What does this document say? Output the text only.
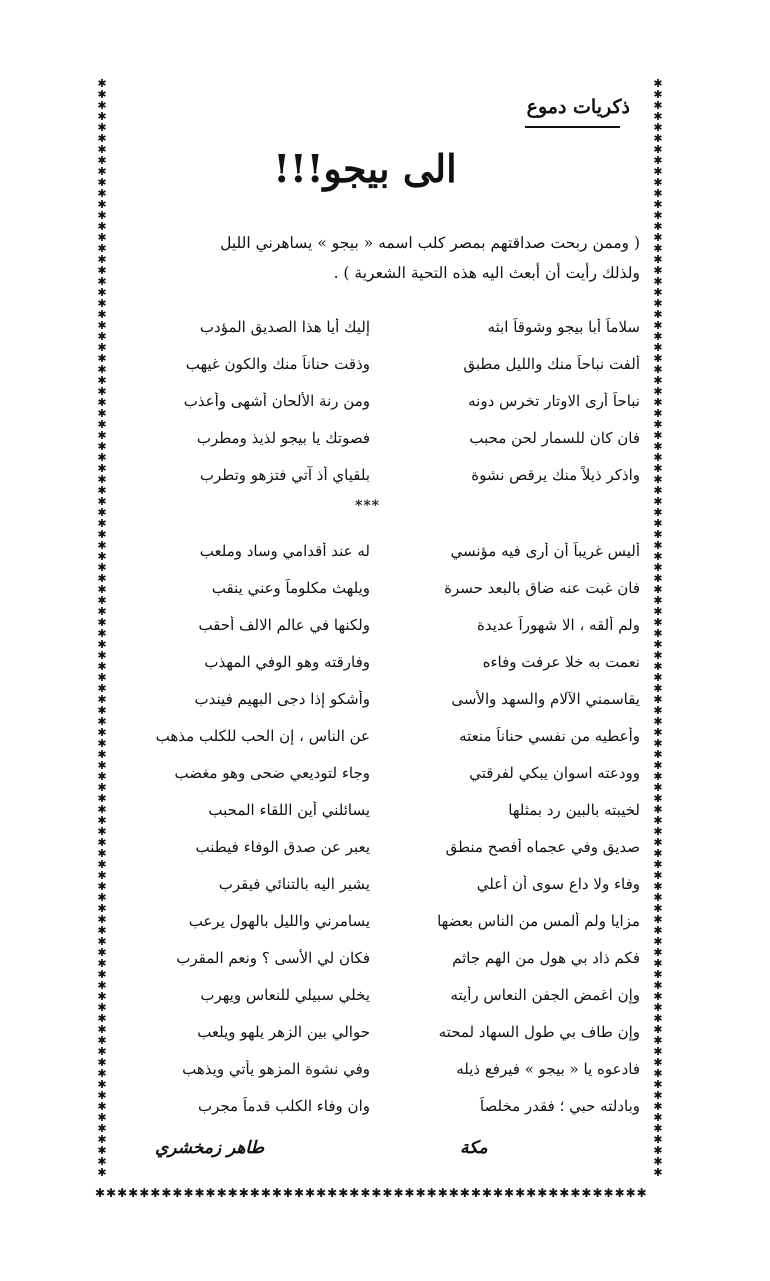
✱
✱
✱
✱
✱
✱
✱
✱
✱
✱
✱
✱
✱
✱
✱
✱
✱
✱
✱
✱
✱
✱
✱
✱
✱
✱
✱
✱
✱
✱
✱
✱
✱
✱
✱
✱
✱
✱
✱
✱
✱
✱
✱
✱
✱
✱
✱
✱
✱
✱
✱
✱
✱
✱
✱
✱
✱
✱
✱
✱
✱
✱
✱
✱
✱
✱
✱
✱
✱
✱
✱
✱
✱
✱
✱
✱
✱
✱
✱
✱
✱
✱
✱
✱
✱
✱
✱
✱
✱
✱
✱
✱
✱
✱
✱
✱
✱
✱
✱
✱
✱
✱
✱
✱
✱
✱
✱
✱
✱
✱
✱
✱
✱
✱
✱
✱
✱
✱
✱
✱
✱
✱
✱
✱
✱
✱
✱
✱
✱
✱
✱
✱
✱
✱
✱
✱
✱
✱
✱
✱
✱
✱
✱
✱
✱
✱
✱
✱
✱
✱
✱
✱
✱
✱
✱
✱
✱
✱
✱
✱
✱
✱
✱
✱
✱
✱
✱
✱
✱
✱
✱
✱
✱
✱
✱
✱
✱
✱
✱
✱
✱
✱
✱
✱
✱
✱
✱
✱
✱
✱
✱
✱
✱
✱
✱
✱
✱
✱
✱
✱
✱✱✱✱✱✱✱✱✱✱✱✱✱✱✱✱✱✱✱✱✱✱✱✱✱✱✱✱✱✱✱✱✱✱✱✱✱✱✱✱✱✱✱✱✱✱✱✱✱✱
ذكريات دموع
الى بيجو!!!
( وممن ربحت صداقتهم بمصر كلب اسمه « بيجو » يساهرني الليل
ولذلك رأيت أن أبعث اليه هذه التحية الشعرية ) .
سلاماً أبا بيجو وشوقاً ابثه
إليك أيا هذا الصديق المؤدب
ألفت نباحاً منك والليل مطبق
وذقت حناناً منك والكون غيهب
نباحاً أرى الاوتار تخرس دونه
ومن رنة الألحان أشهى وأعذب
فان كان للسمار لحن محبب
فصوتك يا بيجو لذيذ ومطرب
واذكر ذيلاً منك يرقص نشوة
بلقياي أذ آتي فتزهو وتطرب
***
أليس غريباً أن أرى فيه مؤنسي
له عند أقدامي وساد وملعب
فان غبت عنه ضاق بالبعد حسرة
ويلهث مكلوماً وعني ينقب
ولم ألقه ، الا شهوراً عديدة
ولكنها في عالم الالف أحقب
نعمت به خلا عرفت وفاءه
وفارقته وهو الوفي المهذب
يقاسمني الآلام والسهد والأسى
وأشكو إذا دجى البهيم فيندب
وأعطيه من نفسي حناناً منعته
عن الناس ، إن الحب للكلب مذهب
وودعته اسوان يبكي لفرقتي
وجاء لتوديعي ضحى وهو مغضب
لخيبته بالبين رد بمثلها
يسائلني أين اللقاء المحبب
صديق وفي عجماه أفصح منطق
يعبر عن صدق الوفاء فيطنب
وفاء ولا داع سوى أن أعلي
يشير اليه بالتنائي فيقرب
مزايا ولم ألمس من الناس بعضها
يسامرني والليل بالهول يرعب
فكم ذاد بي هول من الهم جاثم
فكان لي الأسى ؟ ونعم المقرب
وإن اغمض الجفن النعاس رأيته
يخلي سبيلي للنعاس ويهرب
وإن طاف بي طول السهاد لمحته
حوالي بين الزهر يلهو ويلعب
فادعوه يا « بيجو » فيرفع ذيله
وفي نشوة المزهو يأتي ويذهب
وبادلته حبي ؛ فقدر مخلصاً
وان وفاء الكلب قدماً مجرب
طاهر زمخشري	مكة
